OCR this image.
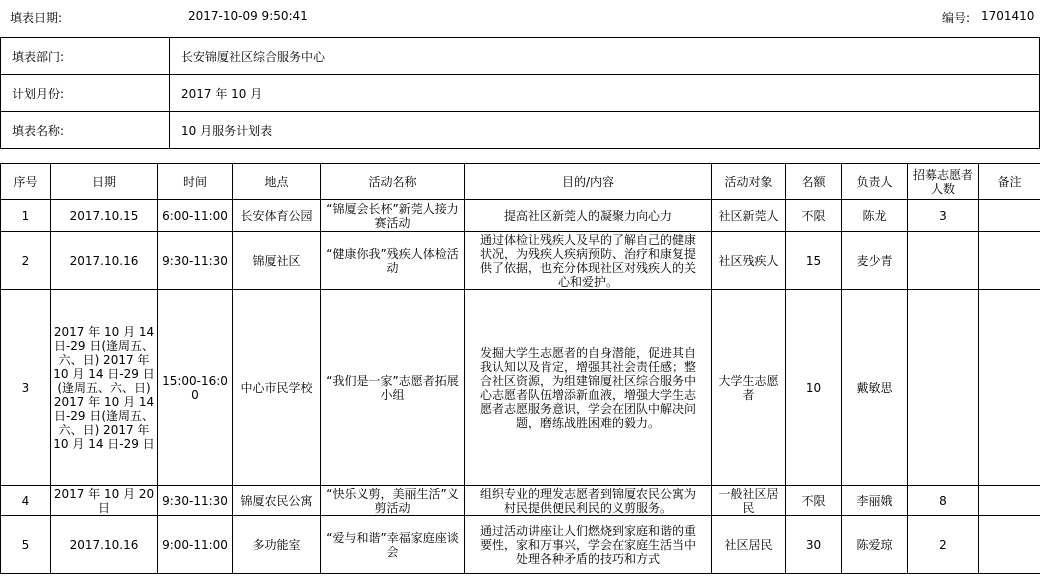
填表日期:	2017-10-09 9:50:41	编号: 1701410
填表部门:	长安锦厦社区综合服务中心
计划月份:	2017 年 10 月
填表名称:	10 月服务计划表
序号	日期	时间	地点	活动名称	目的/内容	活动对象	名额	负责人	招募志愿者人数	备注
1	2017.10.15	6:00-11:00	长安体育公园	“锦厦会长杯”新莞人接力赛活动	提高社区新莞人的凝聚力向心力	社区新莞人	不限	陈龙	3	
2	2017.10.16	9:30-11:30	锦厦社区	“健康你我”残疾人体检活动	通过体检让残疾人及早的了解自己的健康状况，为残疾人疾病预防、治疗和康复提供了依据，也充分体现社区对残疾人的关心和爱护。	社区残疾人	15	麦少青		
3	2017 年 10 月 14 日-29 日(逢周五、六、日) 2017 年 10 月 14 日-29 日(逢周五、六、日) 2017 年 10 月 14 日-29 日(逢周五、六、日) 2017 年 10 月 14 日-29 日	15:00-16:00	中心市民学校	“我们是一家”志愿者拓展小组	发掘大学生志愿者的自身潜能，促进其自我认知以及肯定，增强其社会责任感；整合社区资源，为组建锦厦社区综合服务中心志愿者队伍增添新血液，增强大学生志愿者志愿服务意识，学会在团队中解决问题，磨练战胜困难的毅力。	大学生志愿者	10	戴敏思		
4	2017 年 10 月 20 日	9:30-11:30	锦厦农民公寓	“快乐义剪，美丽生活”义剪活动	组织专业的理发志愿者到锦厦农民公寓为村民提供便民利民的义剪服务。	一般社区居民	不限	李丽娥	8	
5	2017.10.16	9:00-11:00	多功能室	“爱与和谐”幸福家庭座谈会	通过活动讲座让人们燃烧到家庭和谐的重要性，家和万事兴，学会在家庭生活当中处理各种矛盾的技巧和方式	社区居民	30	陈爱琼	2	
